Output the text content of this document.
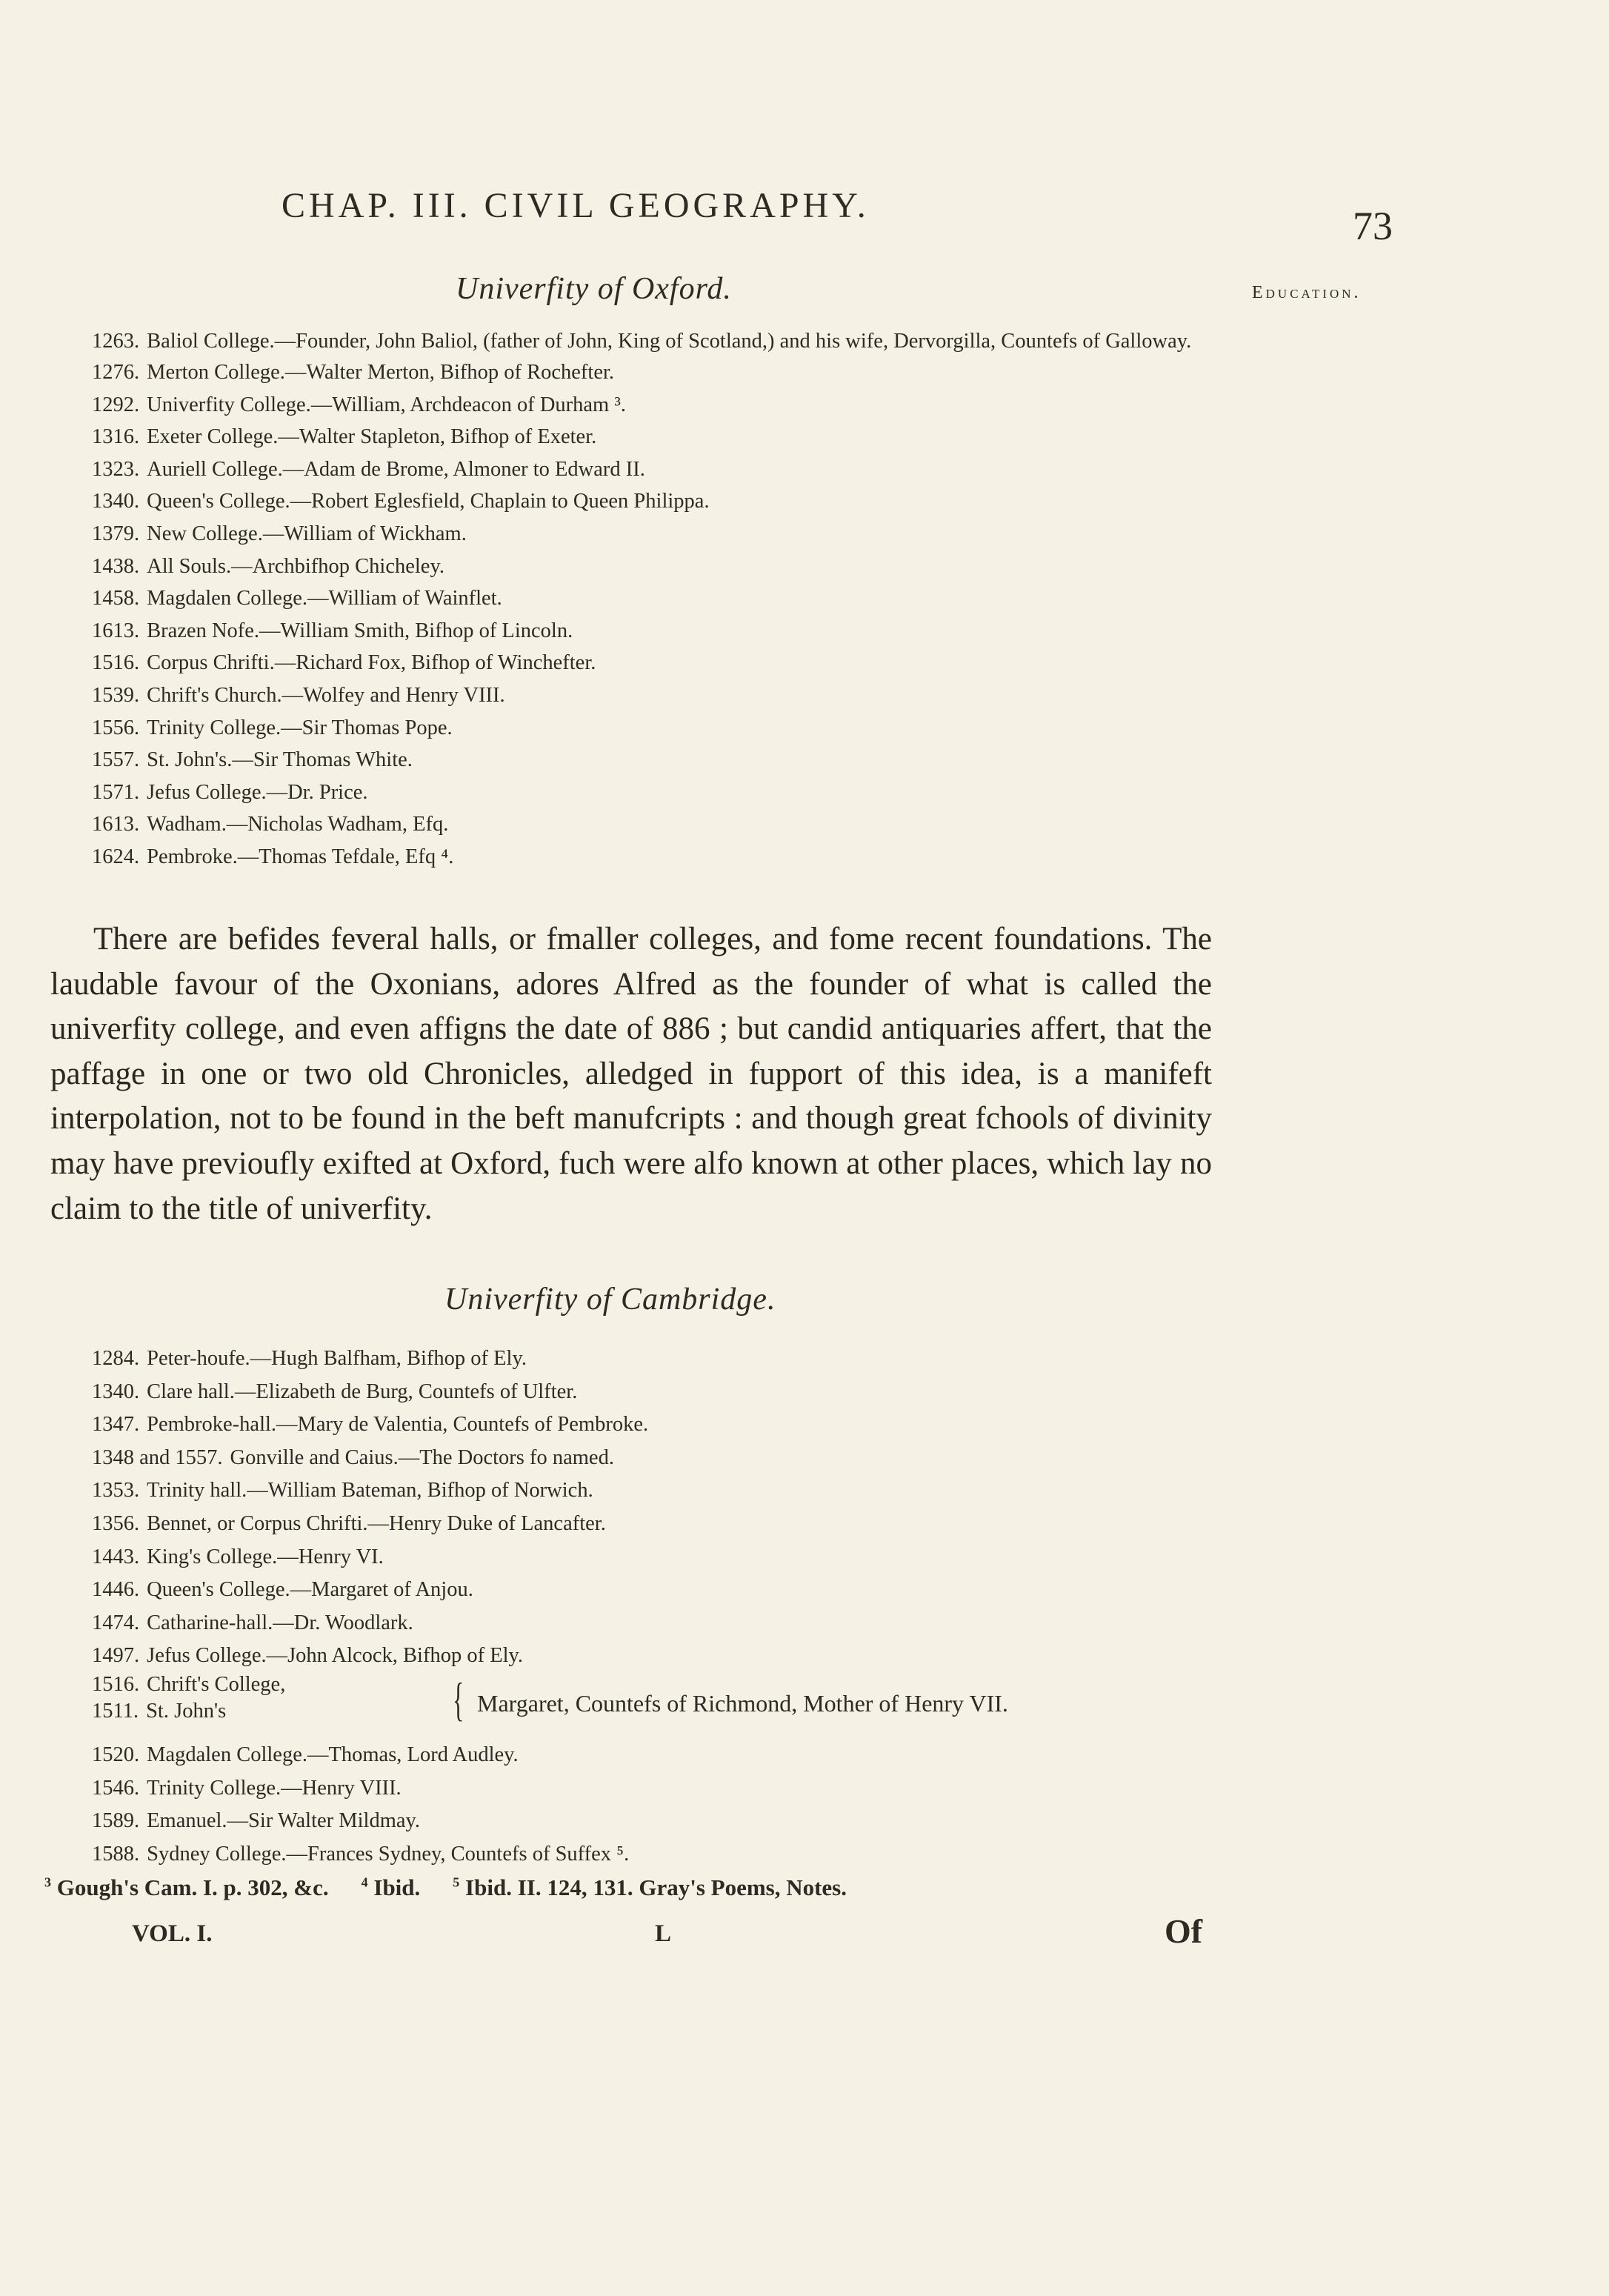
CHAP. III. CIVIL GEOGRAPHY.	73
Education.
Univerfity of Oxford.
1263. Baliol College.—Founder, John Baliol, (father of John, King of Scotland,) and his wife, Dervorgilla, Countefs of Galloway.
1276. Merton College.—Walter Merton, Bifhop of Rochefter.
1292. Univerfity College.—William, Archdeacon of Durham ³.
1316. Exeter College.—Walter Stapleton, Bifhop of Exeter.
1323. Auriell College.—Adam de Brome, Almoner to Edward II.
1340. Queen's College.—Robert Eglesfield, Chaplain to Queen Philippa.
1379. New College.—William of Wickham.
1438. All Souls.—Archbifhop Chicheley.
1458. Magdalen College.—William of Wainflet.
1613. Brazen Nofe.—William Smith, Bifhop of Lincoln.
1516. Corpus Chrifti.—Richard Fox, Bifhop of Winchefter.
1539. Chrift's Church.—Wolfey and Henry VIII.
1556. Trinity College.—Sir Thomas Pope.
1557. St. John's.—Sir Thomas White.
1571. Jefus College.—Dr. Price.
1613. Wadham.—Nicholas Wadham, Efq.
1624. Pembroke.—Thomas Tefdale, Efq ⁴.

There are befides feveral halls, or fmaller colleges, and fome recent foundations. The laudable favour of the Oxonians, adores Alfred as the founder of what is called the univerfity college, and even affigns the date of 886 ; but candid antiquaries affert, that the paffage in one or two old Chronicles, alledged in fupport of this idea, is a manifeft interpolation, not to be found in the beft manufcripts : and though great fchools of divinity may have previoufly exifted at Oxford, fuch were alfo known at other places, which lay no claim to the title of univerfity.

Univerfity of Cambridge.
1284. Peter-houfe.—Hugh Balfham, Bifhop of Ely.
1340. Clare hall.—Elizabeth de Burg, Countefs of Ulfter.
1347. Pembroke-hall.—Mary de Valentia, Countefs of Pembroke.
1348 and 1557. Gonville and Caius.—The Doctors fo named.
1353. Trinity hall.—William Bateman, Bifhop of Norwich.
1356. Bennet, or Corpus Chrifti.—Henry Duke of Lancafter.
1443. King's College.—Henry VI.
1446. Queen's College.—Margaret of Anjou.
1474. Catharine-hall.—Dr. Woodlark.
1497. Jefus College.—John Alcock, Bifhop of Ely.
1516. Chrift's College,
1511. St. John's	{ Margaret, Countefs of Richmond, Mother of Henry VII.
1520. Magdalen College.—Thomas, Lord Audley.
1546. Trinity College.—Henry VIII.
1589. Emanuel.—Sir Walter Mildmay.
1588. Sydney College.—Frances Sydney, Countefs of Suffex ⁵.
$^3$ Gough's Cam. I. p. 302, &c. $^4$ Ibid. $^5$ Ibid. II. 124, 131. Gray's Poems, Notes.
VOL. I.	L	Of
